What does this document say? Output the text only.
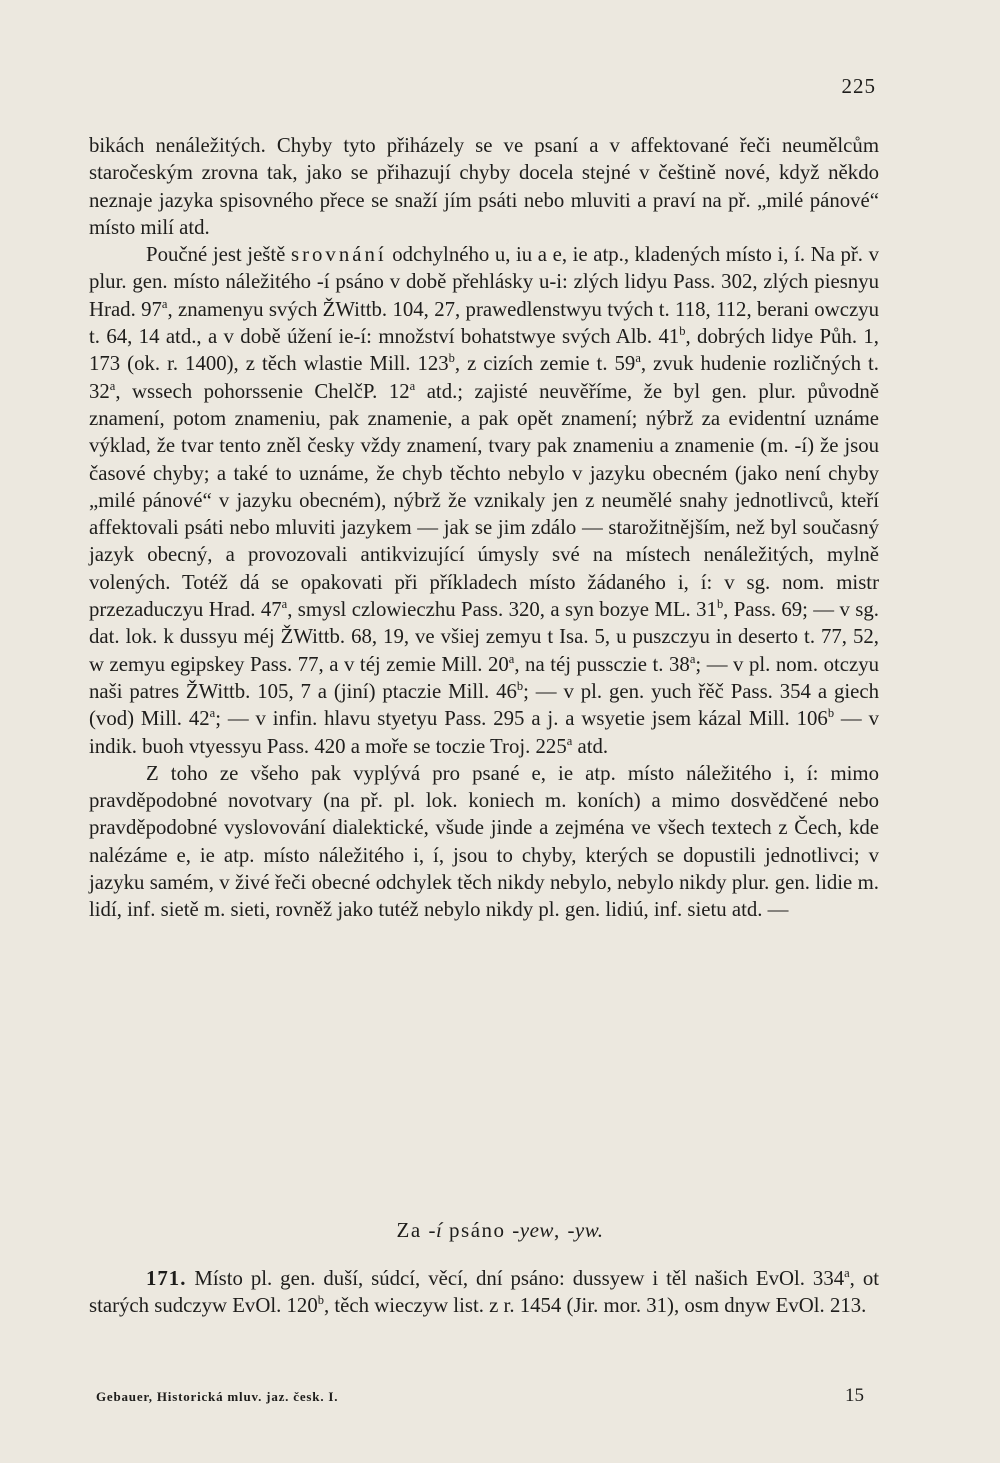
225

bikách nenáležitých. Chyby tyto přiházely se ve psaní a v affektované řeči neumělcům staročeským zrovna tak, jako se přihazují chyby docela stejné v češtině nové, když někdo neznaje jazyka spisovného přece se snaží jím psáti nebo mluviti a praví na př. „milé pánové“ místo milí atd.

Poučné jest ještě srovnání odchylného u, iu a e, ie atp., kladených místo i, í. Na př. v plur. gen. místo náležitého -í psáno v době přehlásky u-i: zlých lidyu Pass. 302, zlých piesnyu Hrad. 97$^a$, znamenyu svých ŽWittb. 104, 27, prawedlenstwyu tvých t. 118, 112, berani owczyu t. 64, 14 atd., a v době úžení ie-í: množství bohatstwye svých Alb. 41$^b$, dobrých lidye Půh. 1, 173 (ok. r. 1400), z těch wlastie Mill. 123$^b$, z cizích zemie t. 59$^a$, zvuk hudenie rozličných t. 32$^a$, wssech pohorssenie ChelčP. 12$^a$ atd.; zajisté neuvěříme, že byl gen. plur. původně znamení, potom znameniu, pak znamenie, a pak opět znamení; nýbrž za evidentní uznáme výklad, že tvar tento zněl česky vždy znamení, tvary pak znameniu a znamenie (m. -í) že jsou časové chyby; a také to uznáme, že chyb těchto nebylo v jazyku obecném (jako není chyby „milé pánové“ v jazyku obecném), nýbrž že vznikaly jen z neumělé snahy jednotlivců, kteří affektovali psáti nebo mluviti jazykem — jak se jim zdálo — starožitnějším, než byl současný jazyk obecný, a provozovali antikvizující úmysly své na místech nenáležitých, mylně volených. Totéž dá se opakovati při příkladech místo žádaného i, í: v sg. nom. mistr przezaduczyu Hrad. 47$^a$, smysl czlowieczhu Pass. 320, a syn bozye ML. 31$^b$, Pass. 69; — v sg. dat. lok. k dussyu méj ŽWittb. 68, 19, ve všiej zemyu t Isa. 5, u puszczyu in deserto t. 77, 52, w zemyu egipskey Pass. 77, a v téj zemie Mill. 20$^a$, na téj pussczie t. 38$^a$; — v pl. nom. otczyu naši patres ŽWittb. 105, 7 a (jiní) ptaczie Mill. 46$^b$; — v pl. gen. yuch řěč Pass. 354 a giech (vod) Mill. 42$^a$; — v infin. hlavu styetyu Pass. 295 a j. a wsyetie jsem kázal Mill. 106$^b$ — v indik. buoh vtyessyu Pass. 420 a moře se toczie Troj. 225$^a$ atd.

Z toho ze všeho pak vyplývá pro psané e, ie atp. místo náležitého i, í: mimo pravděpodobné novotvary (na př. pl. lok. koniech m. koních) a mimo dosvědčené nebo pravděpodobné vyslovování dialektické, všude jinde a zejména ve všech textech z Čech, kde nalézáme e, ie atp. místo náležitého i, í, jsou to chyby, kterých se dopustili jednotlivci; v jazyku samém, v živé řeči obecné odchylek těch nikdy nebylo, nebylo nikdy plur. gen. lidie m. lidí, inf. sietě m. sieti, rovněž jako tutéž nebylo nikdy pl. gen. lidiú, inf. sietu atd. —

Za -í psáno -yew, -yw.

171. Místo pl. gen. duší, súdcí, věcí, dní psáno: dussyew i těl našich EvOl. 334$^a$, ot starých sudczyw EvOl. 120$^b$, těch wieczyw list. z r. 1454 (Jir. mor. 31), osm dnyw EvOl. 213.

Gebauer, Historická mluv. jaz. česk. I.	15
